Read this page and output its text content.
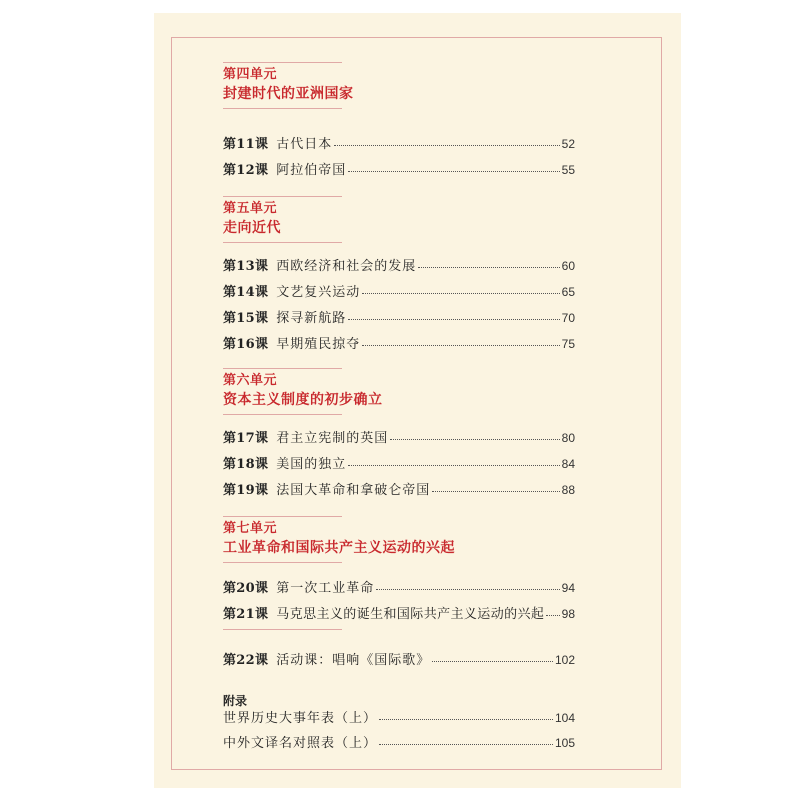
第四单元
封建时代的亚洲国家
第11课 古代日本	52
第12课 阿拉伯帝国	55
第五单元
走向近代
第13课 西欧经济和社会的发展	60
第14课 文艺复兴运动	65
第15课 探寻新航路	70
第16课 早期殖民掠夺	75
第六单元
资本主义制度的初步确立
第17课 君主立宪制的英国	80
第18课 美国的独立	84
第19课 法国大革命和拿破仑帝国	88
第七单元
工业革命和国际共产主义运动的兴起
第20课 第一次工业革命	94
第21课 马克思主义的诞生和国际共产主义运动的兴起 98
第22课 活动课：唱响《国际歌》	102
附录
世界历史大事年表（上）	104
中外文译名对照表（上）	105
